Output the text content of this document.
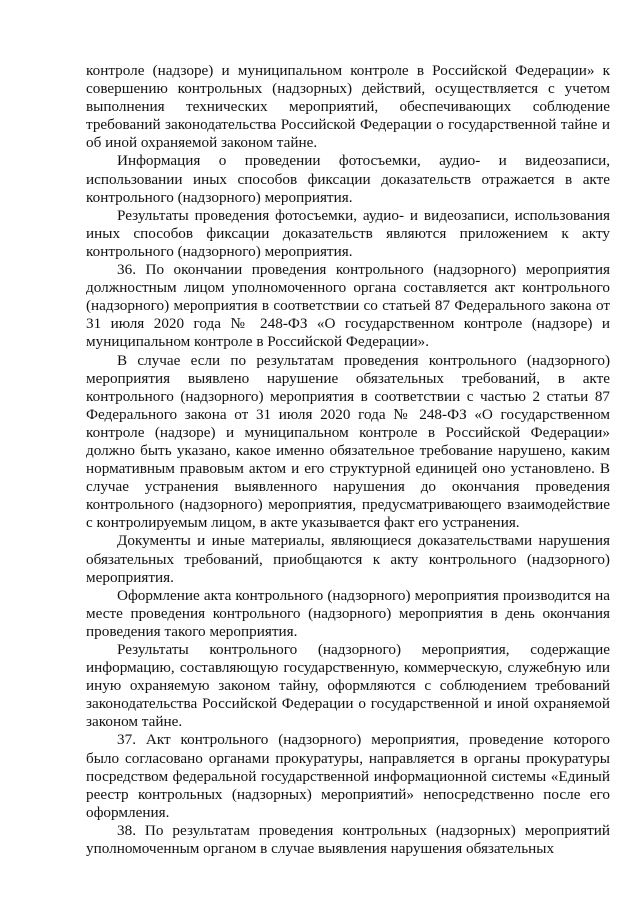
контроле (надзоре) и муниципальном контроле в Российской Федерации» к совершению контрольных (надзорных) действий, осуществляется с учетом выполнения технических мероприятий, обеспечивающих соблюдение требований законодательства Российской Федерации о государственной тайне и об иной охраняемой законом тайне.

Информация о проведении фотосъемки, аудио- и видеозаписи, использовании иных способов фиксации доказательств отражается в акте контрольного (надзорного) мероприятия.

Результаты проведения фотосъемки, аудио- и видеозаписи, использования иных способов фиксации доказательств являются приложением к акту контрольного (надзорного) мероприятия.

36. По окончании проведения контрольного (надзорного) мероприятия должностным лицом уполномоченного органа составляется акт контрольного (надзорного) мероприятия в соответствии со статьей 87 Федерального закона от 31 июля 2020 года № 248-ФЗ «О государственном контроле (надзоре) и муниципальном контроле в Российской Федерации».

В случае если по результатам проведения контрольного (надзорного) мероприятия выявлено нарушение обязательных требований, в акте контрольного (надзорного) мероприятия в соответствии с частью 2 статьи 87 Федерального закона от 31 июля 2020 года № 248-ФЗ «О государственном контроле (надзоре) и муниципальном контроле в Российской Федерации» должно быть указано, какое именно обязательное требование нарушено, каким нормативным правовым актом и его структурной единицей оно установлено. В случае устранения выявленного нарушения до окончания проведения контрольного (надзорного) мероприятия, предусматривающего взаимодействие с контролируемым лицом, в акте указывается факт его устранения.

Документы и иные материалы, являющиеся доказательствами нарушения обязательных требований, приобщаются к акту контрольного (надзорного) мероприятия.

Оформление акта контрольного (надзорного) мероприятия производится на месте проведения контрольного (надзорного) мероприятия в день окончания проведения такого мероприятия.

Результаты контрольного (надзорного) мероприятия, содержащие информацию, составляющую государственную, коммерческую, служебную или иную охраняемую законом тайну, оформляются с соблюдением требований законодательства Российской Федерации о государственной и иной охраняемой законом тайне.

37. Акт контрольного (надзорного) мероприятия, проведение которого было согласовано органами прокуратуры, направляется в органы прокуратуры посредством федеральной государственной информационной системы «Единый реестр контрольных (надзорных) мероприятий» непосредственно после его оформления.

38. По результатам проведения контрольных (надзорных) мероприятий уполномоченным органом в случае выявления нарушения обязательных
